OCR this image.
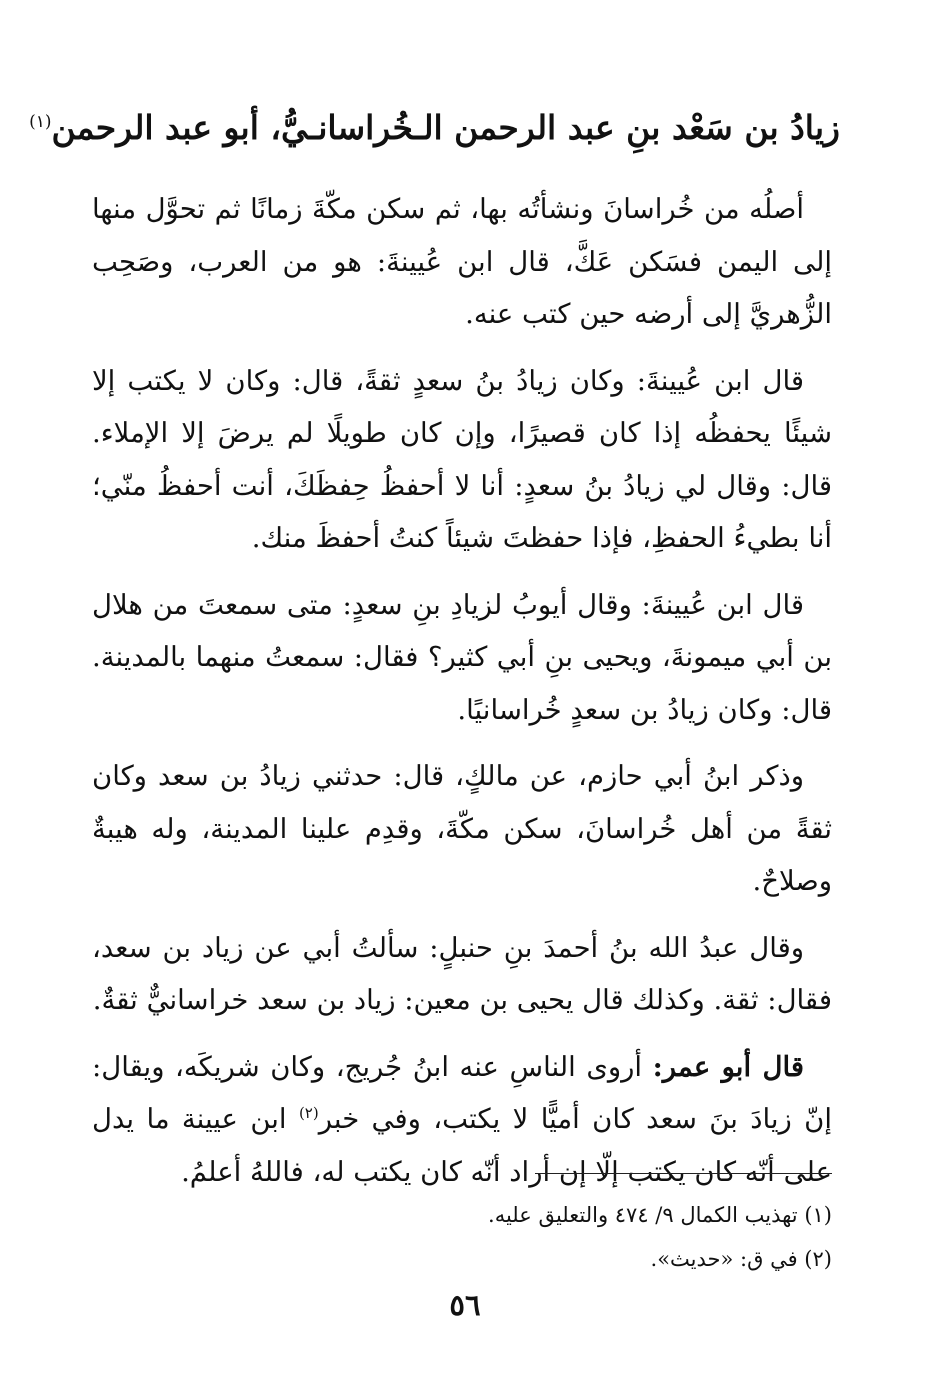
زيادُ بن سَعْد بنِ عبد الرحمن الـخُراسانـيُّ، أبو عبد الرحمن$^{(١)}$

أصلُه من خُراسانَ ونشأتُه بها، ثم سكن مكّةَ زمانًا ثم تحوَّل منها إلى اليمن فسَكن عَكَّ، قال ابن عُيينةَ: هو من العرب، وصَحِب الزُّهريَّ إلى أرضه حين كتب عنه.

قال ابن عُيينةَ: وكان زيادُ بنُ سعدٍ ثقةً، قال: وكان لا يكتب إلا شيئًا يحفظُه إذا كان قصيرًا، وإن كان طويلًا لم يرضَ إلا الإملاء. قال: وقال لي زيادُ بنُ سعدٍ: أنا لا أحفظُ حِفظَكَ، أنت أحفظُ منّي؛ أنا بطيءُ الحفظِ، فإذا حفظتَ شيئاً كنتُ أحفظَ منك.

قال ابن عُيينةَ: وقال أيوبُ لزيادِ بنِ سعدٍ: متى سمعتَ من هلال بن أبي ميمونةَ، ويحيى بنِ أبي كثير؟ فقال: سمعتُ منهما بالمدينة. قال: وكان زيادُ بن سعدٍ خُراسانيًا.

وذكر ابنُ أبي حازم، عن مالكٍ، قال: حدثني زيادُ بن سعد وكان ثقةً من أهل خُراسانَ، سكن مكّةَ، وقدِم علينا المدينة، وله هيبةٌ وصلاحٌ.

وقال عبدُ الله بنُ أحمدَ بنِ حنبلٍ: سألتُ أبي عن زياد بن سعد، فقال: ثقة. وكذلك قال يحيى بن معين: زياد بن سعد خراسانيٌّ ثقةٌ.

قال أبو عمر: أروى الناسِ عنه ابنُ جُريج، وكان شريكَه، ويقال: إنّ زيادَ بنَ سعد كان أميًّا لا يكتب، وفي خبر$^{(٢)}$ ابن عيينة ما يدل على أنّه كان يكتب إلّا إن أراد أنّه كان يكتب له، فاللهُ أعلمُ.

(١) تهذيب الكمال ٩/ ٤٧٤ والتعليق عليه.

(٢) في ق: «حديث».

٥٦
